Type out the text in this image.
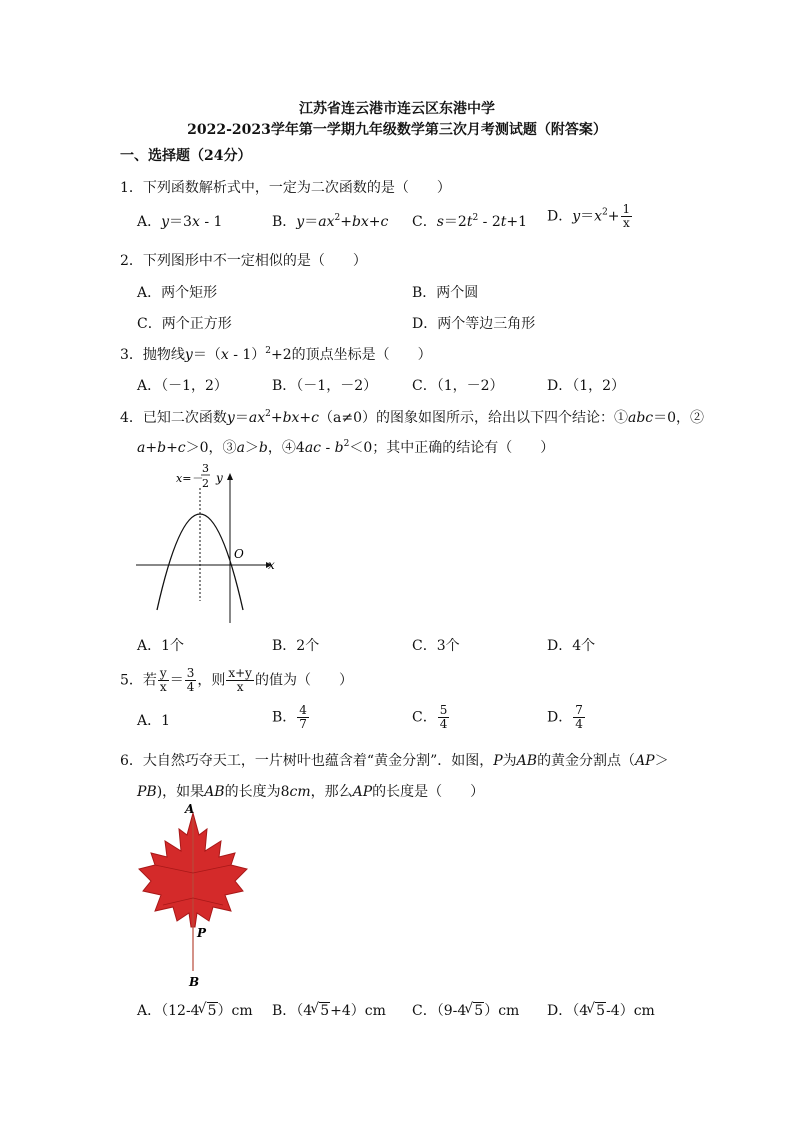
江苏省连云港市连云区东港中学
2022-2023学年第一学期九年级数学第三次月考测试题（附答案）
一、选择题（24分）
1．下列函数解析式中，一定为二次函数的是（　　）
A．y＝3x - 1	B．$y=ax^2+bx+c$ C．$s=2t^2 - 2t+1$ D．$y=x^2+ \frac{1}{x}$
2．下列图形中不一定相似的是（　　）
A．两个矩形	B．两个圆
C．两个正方形	D．两个等边三角形
3．抛物线y＝（x - 1）$^2$+2的顶点坐标是（　　）
A．（－1，2）	B．（－1，－2） C．（1，－2）	D．（1，2）
4．已知二次函数$y=ax^2+bx+c(a\ne 0)$的图象如图所示，给出以下四个结论：①abc＝0，②
a+b+c＞0，③a＞b，④4ac - $b^2<0$；其中正确的结论有（　　）
x
y
O
x=－
3
2
A．1个	B．2个	C．3个	D．4个
5．若 $\frac{y}{x} = \frac{3}{4}$ ，则 $\frac{x+y}{x}$ 的值为（　　）
A．1	B． $\frac{4}{7}$	C． $\frac{5}{4}$	D． $\frac{7}{4}$
6．大自然巧夺天工，一片树叶也蕴含着“黄金分割”．如图，P为AB的黄金分割点（AP＞
PB)，如果AB的长度为8cm，那么AP的长度是（　　）
A
P
B
A．（12-4 √ 5）cm B．（4 √ 5+4）cm C．（9-4 √ 5）cm D．（4 √ 5-4）cm
